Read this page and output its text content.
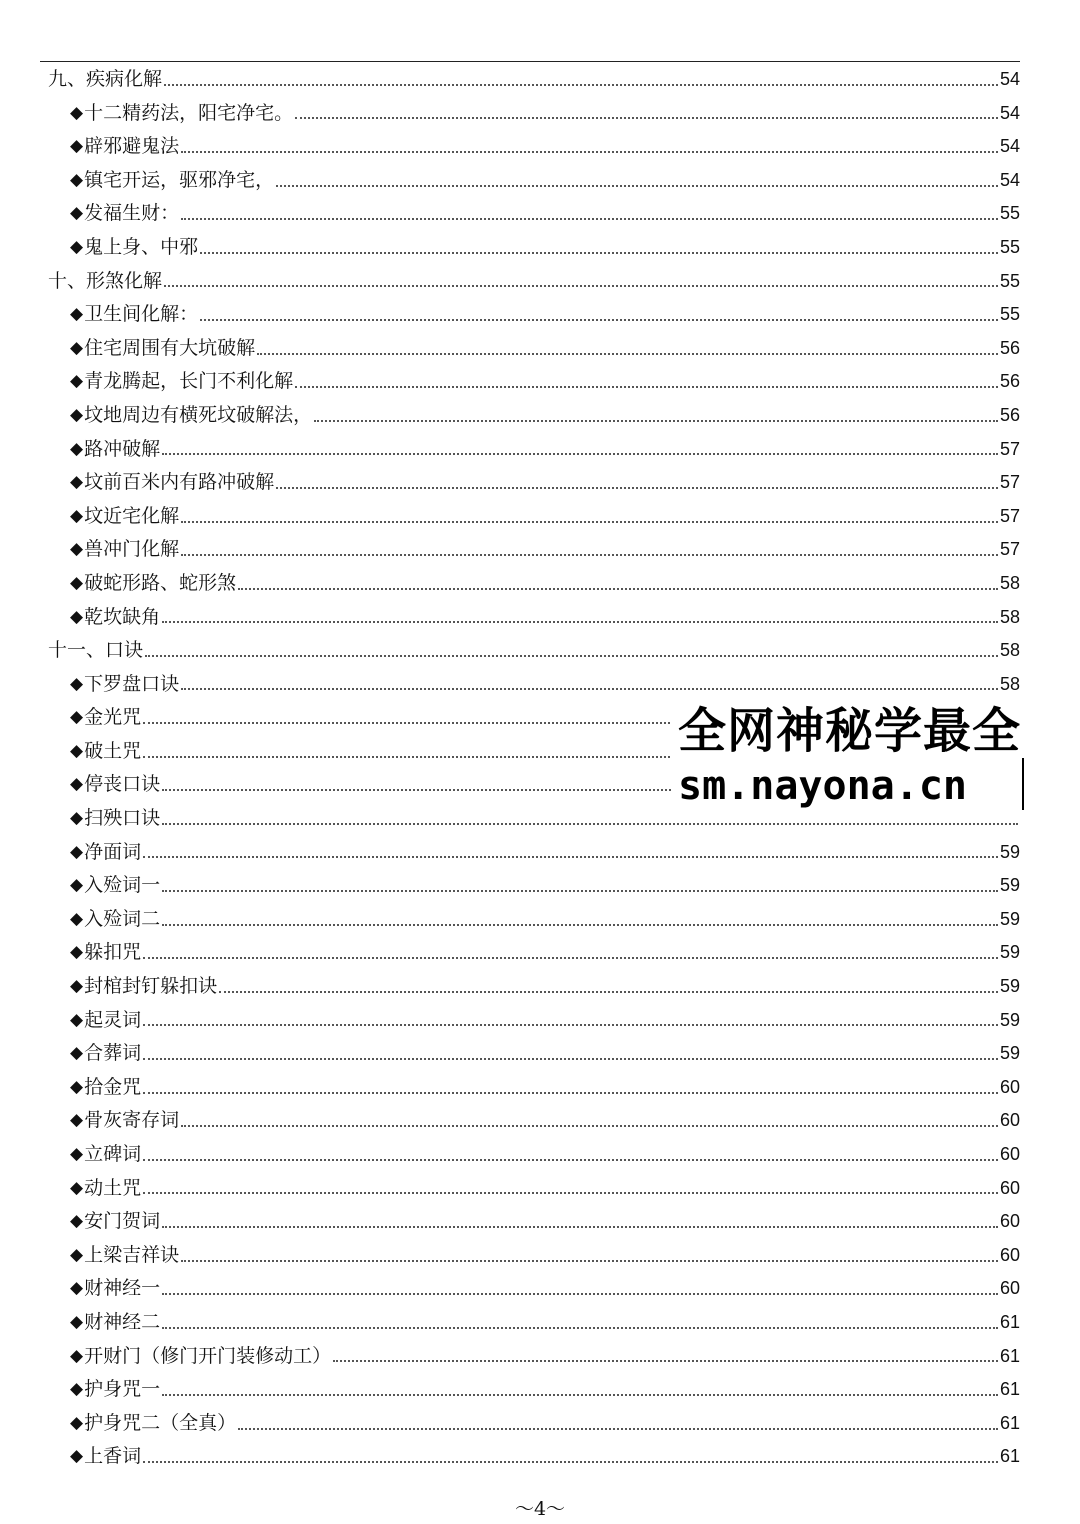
九、疾病化解	54
◆ 十二精药法，阳宅净宅。	54
◆ 辟邪避鬼法	54
◆ 镇宅开运，驱邪净宅，	54
◆ 发福生财：	55
◆ 鬼上身、中邪	55
十、形煞化解	55
◆ 卫生间化解：	55
◆ 住宅周围有大坑破解	56
◆ 青龙腾起，长门不利化解	56
◆ 坟地周边有横死坟破解法，	56
◆ 路冲破解	57
◆ 坟前百米内有路冲破解	57
◆ 坟近宅化解	57
◆ 兽冲门化解	57
◆ 破蛇形路、蛇形煞	58
◆ 乾坎缺角	58
十一、口诀	58
◆ 下罗盘口诀	58
◆ 金光咒
◆ 破土咒
◆ 停丧口诀
◆ 扫殃口诀
◆ 净面词	59
◆ 入殓词一	59
◆ 入殓词二	59
◆ 躲扣咒	59
◆ 封棺封钉躲扣诀	59
◆ 起灵词	59
◆ 合葬词	59
◆ 拾金咒	60
◆ 骨灰寄存词	60
◆ 立碑词	60
◆ 动土咒	60
◆ 安门贺词	60
◆ 上梁吉祥诀	60
◆ 财神经一	60
◆ 财神经二	61
◆ 开财门（修门开门装修动工）	61
◆ 护身咒一	61
◆ 护身咒二（全真）	61
◆ 上香词	61
全网神秘学最全
sm.nayona.cn
～4～
